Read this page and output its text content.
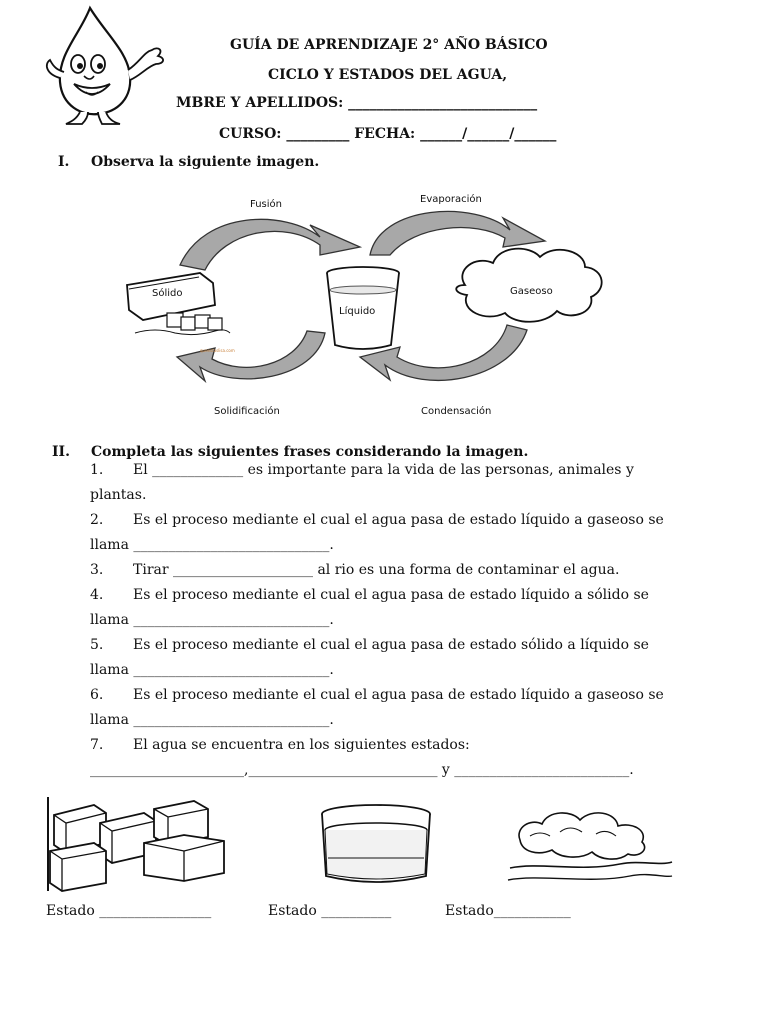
GUÍA DE APRENDIZAJE 2° AÑO BÁSICO
CICLO Y ESTADOS DEL AGUA,
MBRE Y APELLIDOS: ___________________________
CURSO: _________ FECHA: ______/______/______
I. Observa la siguiente imagen.
Fusión	Evaporación
Sólido
Líquido
Gaseoso
Solidificación	Condensación
queestaslisa.com
II. Completa las siguientes frases considerando la imagen.
1. El _____________ es importante para la vida de las personas, animales y
plantas.
2. Es el proceso mediante el cual el agua pasa de estado líquido a gaseoso se
llama ____________________________.
3. Tirar ____________________ al rio es una forma de contaminar el agua.
4. Es el proceso mediante el cual el agua pasa de estado líquido a sólido se
llama ____________________________.
5. Es el proceso mediante el cual el agua pasa de estado sólido a líquido se
llama ____________________________.
6. Es el proceso mediante el cual el agua pasa de estado líquido a gaseoso se
llama ____________________________.
7. El agua se encuentra en los siguientes estados:
______________________,___________________________ y _________________________.
Estado ________________	Estado __________	Estado___________
